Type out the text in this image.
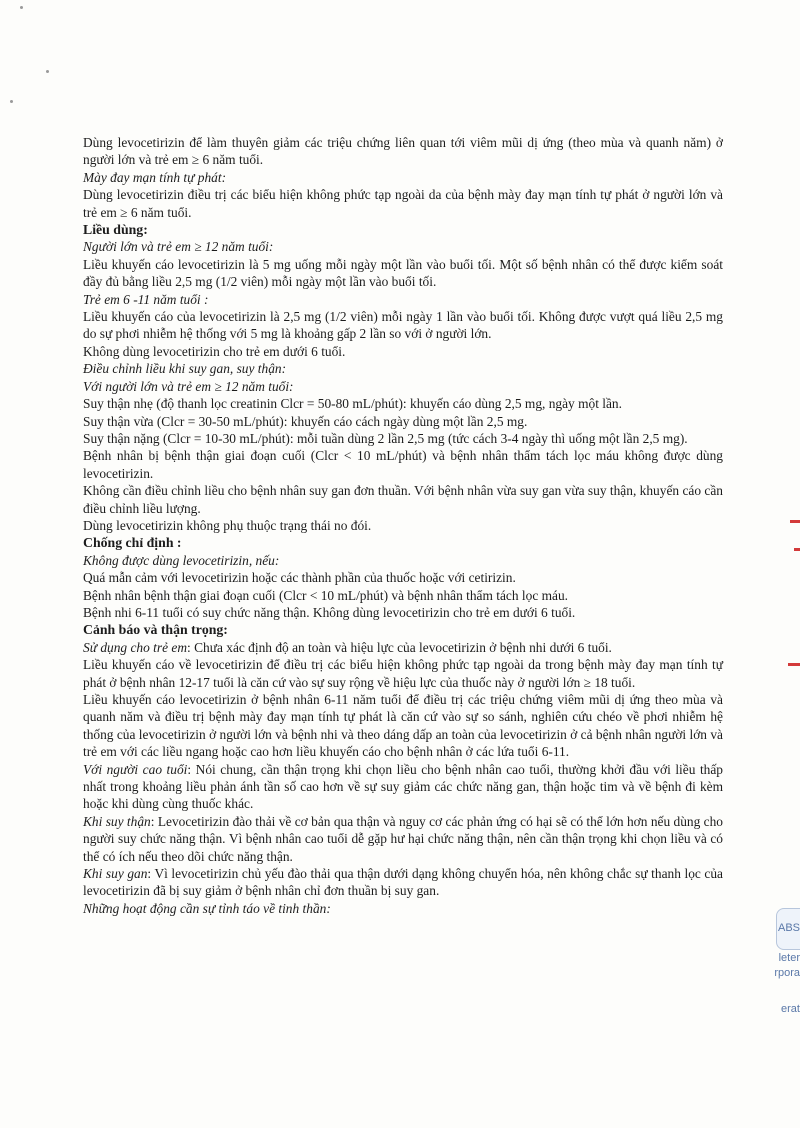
Dùng levocetirizin để làm thuyên giảm các triệu chứng liên quan tới viêm mũi dị ứng (theo mùa và quanh năm) ở người lớn và trẻ em ≥ 6 năm tuổi.

Mày đay mạn tính tự phát:

Dùng levocetirizin điều trị các biểu hiện không phức tạp ngoài da của bệnh mày đay mạn tính tự phát ở người lớn và trẻ em ≥ 6 năm tuổi.

Liều dùng:

Người lớn và trẻ em ≥ 12 năm tuổi:

Liều khuyến cáo levocetirizin là 5 mg uống mỗi ngày một lần vào buổi tối. Một số bệnh nhân có thể được kiểm soát đầy đủ bằng liều 2,5 mg (1/2 viên) mỗi ngày một lần vào buổi tối.

Trẻ em 6 -11 năm tuổi :

Liều khuyến cáo của levocetirizin là 2,5 mg (1/2 viên) mỗi ngày 1 lần vào buổi tối. Không được vượt quá liều 2,5 mg do sự phơi nhiễm hệ thống với 5 mg là khoảng gấp 2 lần so với ở người lớn.

Không dùng levocetirizin cho trẻ em dưới 6 tuổi.

Điều chỉnh liều khi suy gan, suy thận:

Với người lớn và trẻ em ≥ 12 năm tuổi:

Suy thận nhẹ (độ thanh lọc creatinin Clcr = 50-80 mL/phút): khuyến cáo dùng 2,5 mg, ngày một lần.

Suy thận vừa (Clcr = 30-50 mL/phút): khuyến cáo cách ngày dùng một lần 2,5 mg.

Suy thận nặng (Clcr = 10-30 mL/phút): mỗi tuần dùng 2 lần 2,5 mg (tức cách 3-4 ngày thì uống một lần 2,5 mg).

Bệnh nhân bị bệnh thận giai đoạn cuối (Clcr < 10 mL/phút) và bệnh nhân thẩm tách lọc máu không được dùng levocetirizin.

Không cần điều chỉnh liều cho bệnh nhân suy gan đơn thuần. Với bệnh nhân vừa suy gan vừa suy thận, khuyến cáo cần điều chỉnh liều lượng.

Dùng levocetirizin không phụ thuộc trạng thái no đói.

Chống chỉ định :

Không được dùng levocetirizin, nếu:

Quá mẫn cảm với levocetirizin hoặc các thành phần của thuốc hoặc với cetirizin.

Bệnh nhân bệnh thận giai đoạn cuối (Clcr < 10 mL/phút) và bệnh nhân thẩm tách lọc máu.

Bệnh nhi 6-11 tuổi có suy chức năng thận. Không dùng levocetirizin cho trẻ em dưới 6 tuổi.

Cảnh báo và thận trọng:

Sử dụng cho trẻ em: Chưa xác định độ an toàn và hiệu lực của levocetirizin ở bệnh nhi dưới 6 tuổi.

Liều khuyến cáo về levocetirizin để điều trị các biểu hiện không phức tạp ngoài da trong bệnh mày đay mạn tính tự phát ở bệnh nhân 12-17 tuổi là căn cứ vào sự suy rộng về hiệu lực của thuốc này ở người lớn ≥ 18 tuổi.

Liều khuyến cáo levocetirizin ở bệnh nhân 6-11 năm tuổi để điều trị các triệu chứng viêm mũi dị ứng theo mùa và quanh năm và điều trị bệnh mày đay mạn tính tự phát là căn cứ vào sự so sánh, nghiên cứu chéo về phơi nhiễm hệ thống của levocetirizin ở người lớn và bệnh nhi và theo dáng dấp an toàn của levocetirizin ở cả bệnh nhân người lớn và trẻ em với các liều ngang hoặc cao hơn liều khuyến cáo cho bệnh nhân ở các lứa tuổi 6-11.

Với người cao tuổi: Nói chung, cần thận trọng khi chọn liều cho bệnh nhân cao tuổi, thường khởi đầu với liều thấp nhất trong khoảng liều phản ánh tần số cao hơn về sự suy giảm các chức năng gan, thận hoặc tim và về bệnh đi kèm hoặc khi dùng cùng thuốc khác.

Khi suy thận: Levocetirizin đào thải về cơ bản qua thận và nguy cơ các phản ứng có hại sẽ có thể lớn hơn nếu dùng cho người suy chức năng thận. Vì bệnh nhân cao tuổi dễ gặp hư hại chức năng thận, nên cần thận trọng khi chọn liều và có thể có ích nếu theo dõi chức năng thận.

Khi suy gan: Vì levocetirizin chủ yếu đào thải qua thận dưới dạng không chuyển hóa, nên không chắc sự thanh lọc của levocetirizin đã bị suy giảm ở bệnh nhân chỉ đơn thuần bị suy gan.

Những hoạt động cần sự tỉnh táo về tinh thần:

ABS
leter
rpora
erat
